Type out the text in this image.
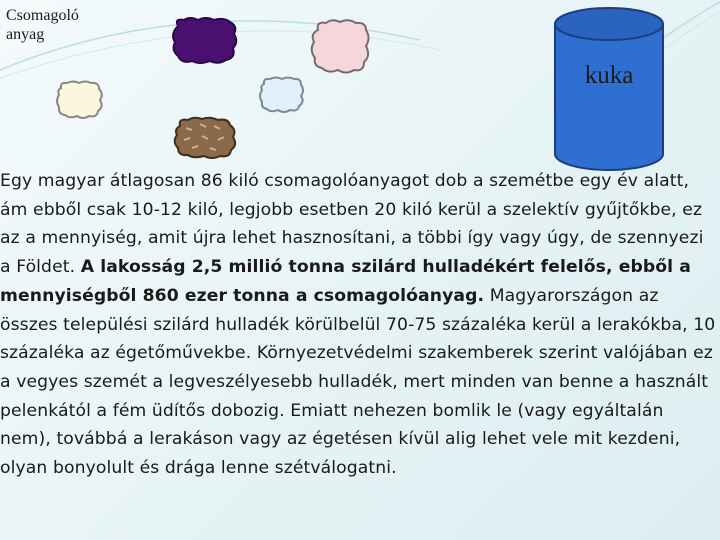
Csomagoló anyag
kuka
Egy magyar átlagosan 86 kiló csomagolóanyagot dob a szemétbe egy év alatt, ám ebből csak 10-12 kiló, legjobb esetben 20 kiló kerül a szelektív gyűjtőkbe, ez az a mennyiség, amit újra lehet hasznosítani, a többi így vagy úgy, de szennyezi a Földet. A lakosság 2,5 millió tonna szilárd hulladékért felelős, ebből a mennyiségből 860 ezer tonna a csomagolóanyag. Magyarországon az összes települési szilárd hulladék körülbelül 70-75 százaléka kerül a lerakókba, 10 százaléka az égetőművekbe. Környezetvédelmi szakemberek szerint valójában ez a vegyes szemét a legveszélyesebb hulladék, mert minden van benne a használt pelenkától a fém üdítős dobozig. Emiatt nehezen bomlik le (vagy egyáltalán nem), továbbá a lerakáson vagy az égetésen kívül alig lehet vele mit kezdeni, olyan bonyolult és drága lenne szétválogatni.
